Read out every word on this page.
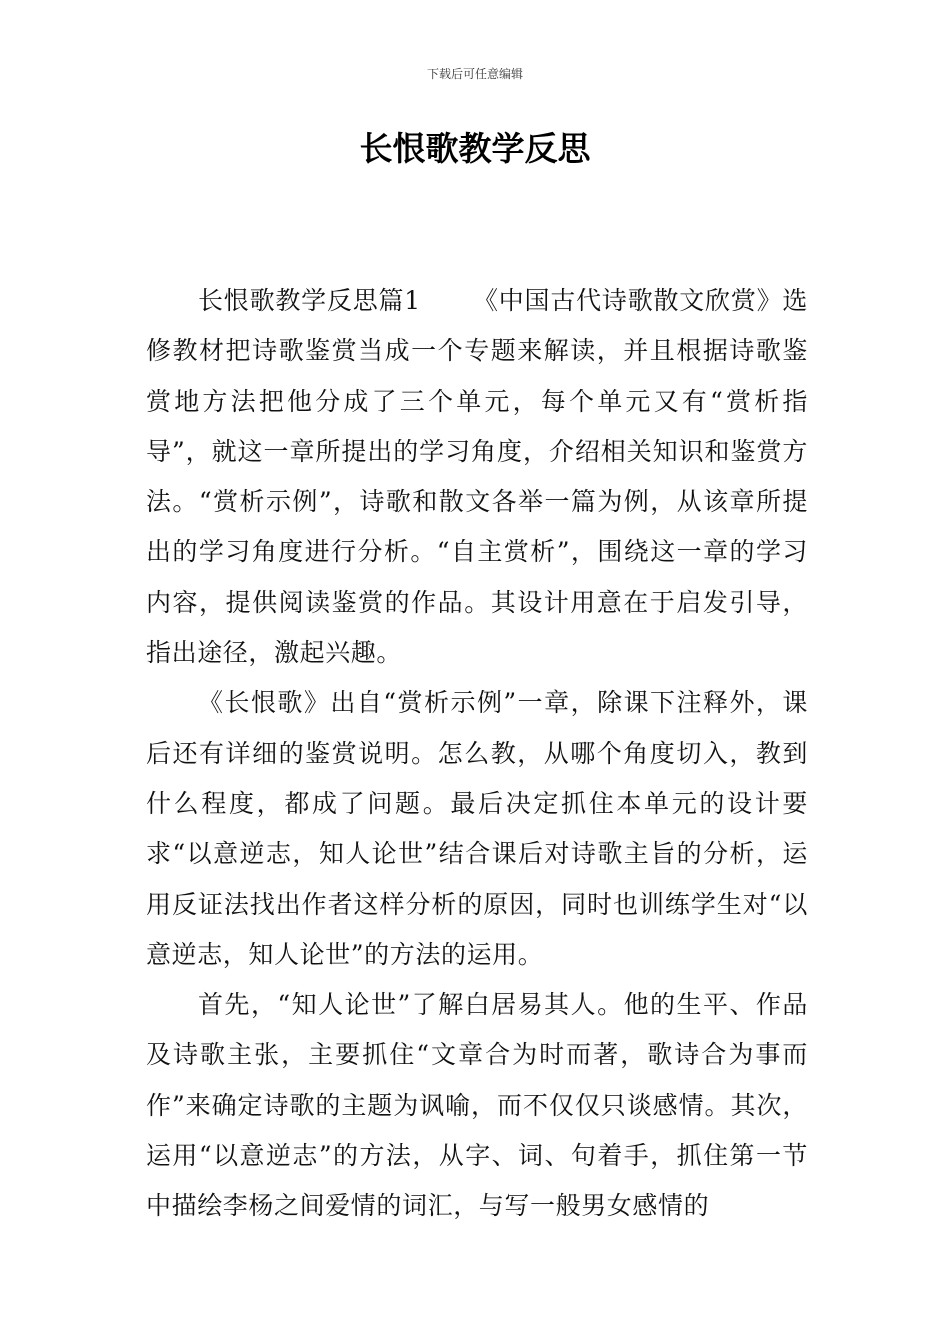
下载后可任意编辑
长恨歌教学反思

长恨歌教学反思篇1 《中国古代诗歌散文欣赏》选修教材把诗歌鉴赏当成一个专题来解读，并且根据诗歌鉴赏地方法把他分成了三个单元，每个单元又有“赏析指导”，就这一章所提出的学习角度，介绍相关知识和鉴赏方法。“赏析示例”，诗歌和散文各举一篇为例，从该章所提出的学习角度进行分析。“自主赏析”，围绕这一章的学习内容，提供阅读鉴赏的作品。其设计用意在于启发引导，指出途径，激起兴趣。

《长恨歌》出自“赏析示例”一章，除课下注释外，课后还有详细的鉴赏说明。怎么教，从哪个角度切入，教到什么程度，都成了问题。最后决定抓住本单元的设计要求“以意逆志，知人论世”结合课后对诗歌主旨的分析，运用反证法找出作者这样分析的原因，同时也训练学生对“以意逆志，知人论世”的方法的运用。

首先，“知人论世”了解白居易其人。他的生平、作品及诗歌主张，主要抓住“文章合为时而著，歌诗合为事而作”来确定诗歌的主题为讽喻，而不仅仅只谈感情。其次，运用“以意逆志”的方法，从字、词、句着手，抓住第一节中描绘李杨之间爱情的词汇，与写一般男女感情的
